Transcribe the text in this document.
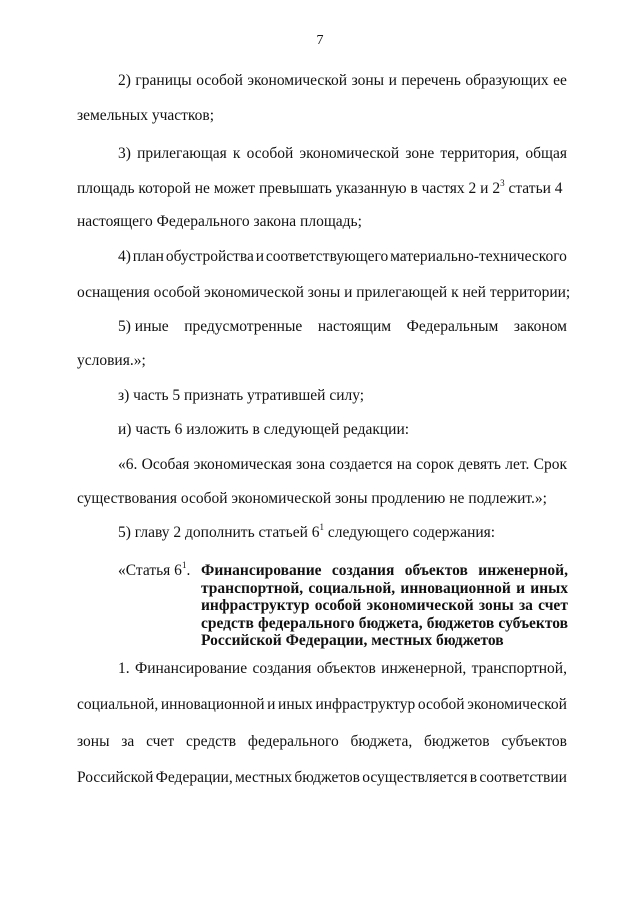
7
2) границы особой экономической зоны и перечень образующих ее
земельных участков;
3) прилегающая к особой экономической зоне территория, общая
площадь которой не может превышать указанную в частях 2 и $2^3$ статьи 4
настоящего Федерального закона площадь;
4) план обустройства и соответствующего материально-технического
оснащения особой экономической зоны и прилегающей к ней территории;
5) иные предусмотренные настоящим Федеральным законом
условия.»;
з) часть 5 признать утратившей силу;
и) часть 6 изложить в следующей редакции:
«6. Особая экономическая зона создается на сорок девять лет. Срок
существования особой экономической зоны продлению не подлежит.»;
5) главу 2 дополнить статьей $6^1$ следующего содержания:
«Статья $6^1$. Финансирование создания объектов инженерной,
транспортной, социальной, инновационной и иных
инфраструктур особой экономической зоны за счет
средств федерального бюджета, бюджетов субъектов
Российской Федерации, местных бюджетов
1. Финансирование создания объектов инженерной, транспортной,
социальной, инновационной и иных инфраструктур особой экономической
зоны за счет средств федерального бюджета, бюджетов субъектов
Российской Федерации, местных бюджетов осуществляется в соответствии
